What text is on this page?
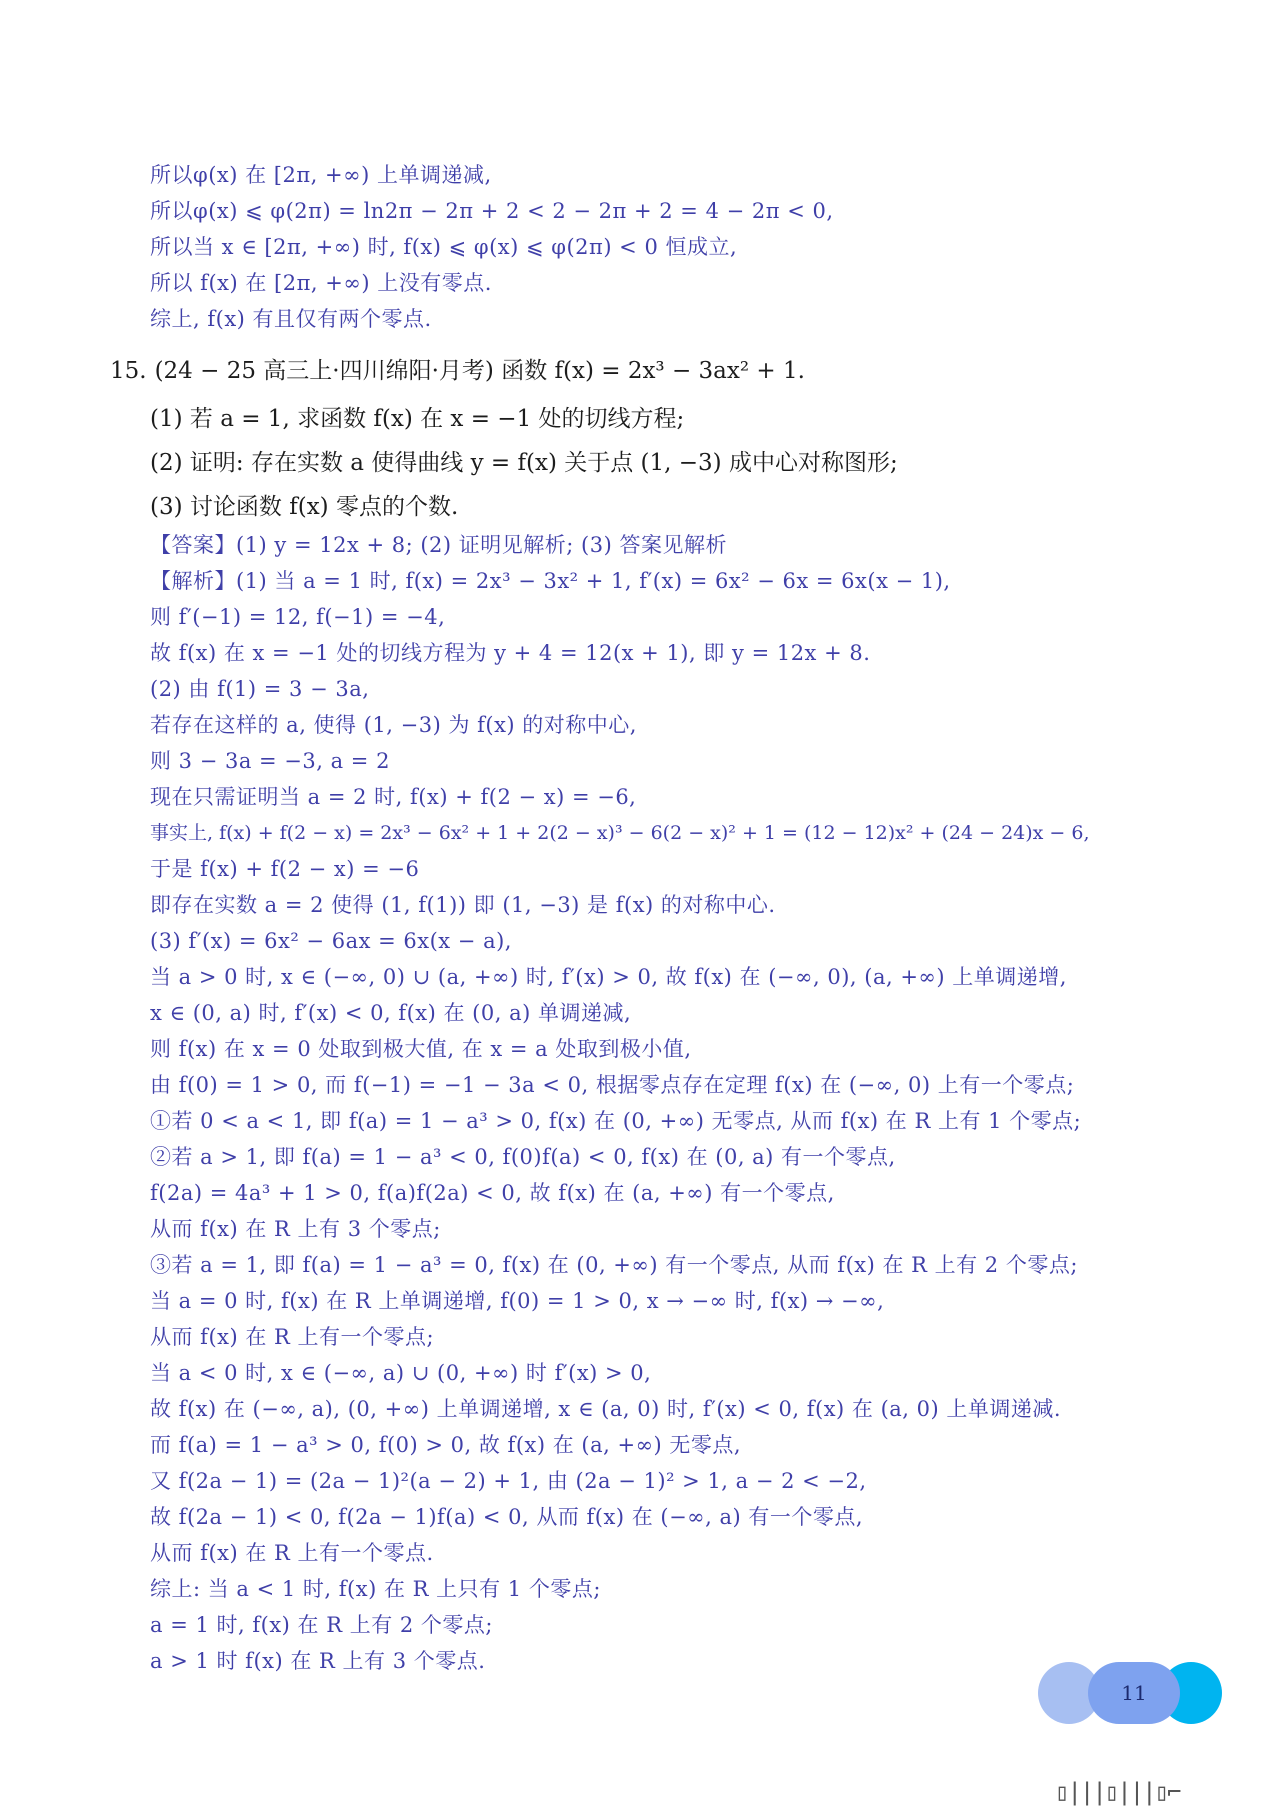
所以φ(x) 在 [2π, +∞) 上单调递减,
所以φ(x) ⩽ φ(2π) = ln2π − 2π + 2 < 2 − 2π + 2 = 4 − 2π < 0,
所以当 x ∈ [2π, +∞) 时, f(x) ⩽ φ(x) ⩽ φ(2π) < 0 恒成立,
所以 f(x) 在 [2π, +∞) 上没有零点.
综上, f(x) 有且仅有两个零点.
15. (24 − 25 高三上·四川绵阳·月考) 函数 f(x) = 2x³ − 3ax² + 1.
(1) 若 a = 1, 求函数 f(x) 在 x = −1 处的切线方程;
(2) 证明: 存在实数 a 使得曲线 y = f(x) 关于点 (1, −3) 成中心对称图形;
(3) 讨论函数 f(x) 零点的个数.
【答案】(1) y = 12x + 8; (2) 证明见解析; (3) 答案见解析
【解析】(1) 当 a = 1 时, f(x) = 2x³ − 3x² + 1, f′(x) = 6x² − 6x = 6x(x − 1),
则 f′(−1) = 12, f(−1) = −4,
故 f(x) 在 x = −1 处的切线方程为 y + 4 = 12(x + 1), 即 y = 12x + 8.
(2) 由 f(1) = 3 − 3a,
若存在这样的 a, 使得 (1, −3) 为 f(x) 的对称中心,
则 3 − 3a = −3, a = 2
现在只需证明当 a = 2 时, f(x) + f(2 − x) = −6,
事实上, f(x) + f(2 − x) = 2x³ − 6x² + 1 + 2(2 − x)³ − 6(2 − x)² + 1 = (12 − 12)x² + (24 − 24)x − 6,
于是 f(x) + f(2 − x) = −6
即存在实数 a = 2 使得 (1, f(1)) 即 (1, −3) 是 f(x) 的对称中心.
(3) f′(x) = 6x² − 6ax = 6x(x − a),
当 a > 0 时, x ∈ (−∞, 0) ∪ (a, +∞) 时, f′(x) > 0, 故 f(x) 在 (−∞, 0), (a, +∞) 上单调递增,
x ∈ (0, a) 时, f′(x) < 0, f(x) 在 (0, a) 单调递减,
则 f(x) 在 x = 0 处取到极大值, 在 x = a 处取到极小值,
由 f(0) = 1 > 0, 而 f(−1) = −1 − 3a < 0, 根据零点存在定理 f(x) 在 (−∞, 0) 上有一个零点;
①若 0 < a < 1, 即 f(a) = 1 − a³ > 0, f(x) 在 (0, +∞) 无零点, 从而 f(x) 在 R 上有 1 个零点;
②若 a > 1, 即 f(a) = 1 − a³ < 0, f(0)f(a) < 0, f(x) 在 (0, a) 有一个零点,
f(2a) = 4a³ + 1 > 0, f(a)f(2a) < 0, 故 f(x) 在 (a, +∞) 有一个零点,
从而 f(x) 在 R 上有 3 个零点;
③若 a = 1, 即 f(a) = 1 − a³ = 0, f(x) 在 (0, +∞) 有一个零点, 从而 f(x) 在 R 上有 2 个零点;
当 a = 0 时, f(x) 在 R 上单调递增, f(0) = 1 > 0, x → −∞ 时, f(x) → −∞,
从而 f(x) 在 R 上有一个零点;
当 a < 0 时, x ∈ (−∞, a) ∪ (0, +∞) 时 f′(x) > 0,
故 f(x) 在 (−∞, a), (0, +∞) 上单调递增, x ∈ (a, 0) 时, f′(x) < 0, f(x) 在 (a, 0) 上单调递减.
而 f(a) = 1 − a³ > 0, f(0) > 0, 故 f(x) 在 (a, +∞) 无零点,
又 f(2a − 1) = (2a − 1)²(a − 2) + 1, 由 (2a − 1)² > 1, a − 2 < −2,
故 f(2a − 1) < 0, f(2a − 1)f(a) < 0, 从而 f(x) 在 (−∞, a) 有一个零点,
从而 f(x) 在 R 上有一个零点.
综上: 当 a < 1 时, f(x) 在 R 上只有 1 个零点;
a = 1 时, f(x) 在 R 上有 2 个零点;
a > 1 时 f(x) 在 R 上有 3 个零点.
11
▯|||▯|||▯⌐
